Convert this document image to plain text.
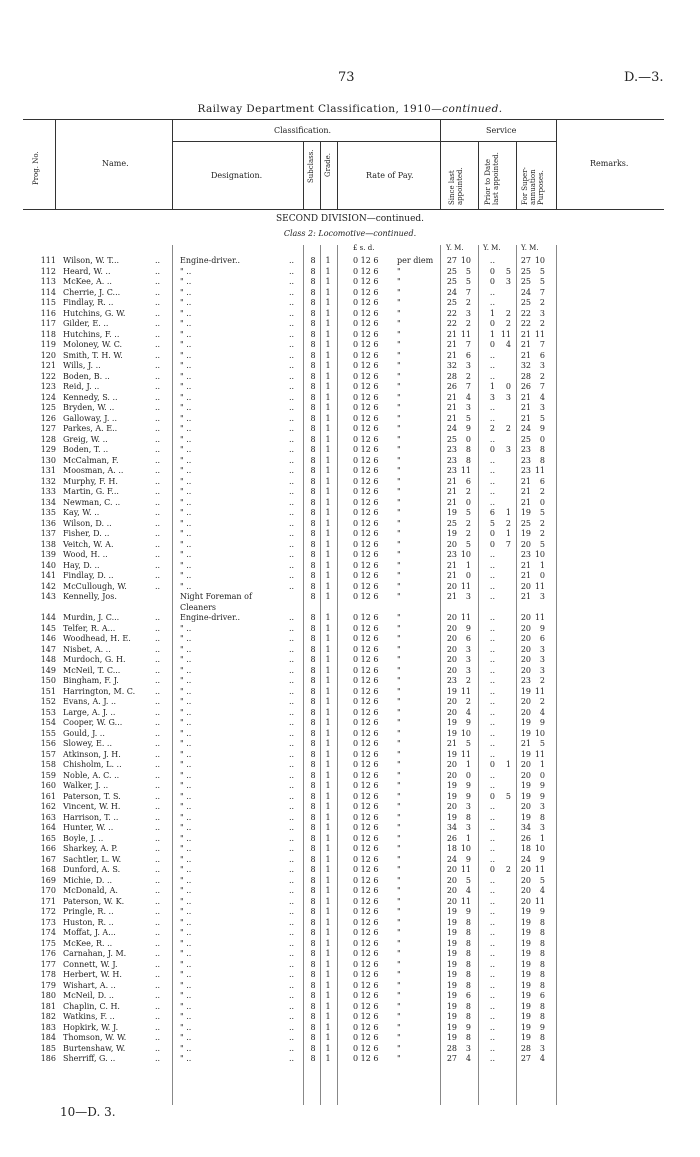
73	D.—3.
Railway Department Classification, 1910—continued.
Prog. No.	Name.
Classification.
Designation.	Subclass. Grade.	Rate of Pay.
Service
Since last appointed.	Prior to Date last appointed.	For Super-annuation Purposes.
Remarks.
SECOND DIVISION—continued.
Class 2: Locomotive—continued.
£ s. d.	Y. M.	Y. M.	Y. M.
111 Wilson, W. T...	.. Engine-driver..	..	8	1	0 12 6 per diem	27 10	..	27 10
112 Heard, W. ..	.. " ..	..	8	1	0 12 6 "	25	5	0	5	25	5
113 McKee, A. ..	.. " ..	..	8	1	0 12 6 "	25	5	0	3	25	5
114 Cherrie, J. C...	.. " ..	..	8	1	0 12 6 "	24	7	..	24	7
115 Findlay, R. ..	.. " ..	..	8	1	0 12 6 "	25	2	..	25	2
116 Hutchins, G. W.	.. " ..	..	8	1	0 12 6 "	22	3	1	2	22	3
117 Gilder, E. ..	.. " ..	..	8	1	0 12 6 "	22	2	0	2	22	2
118 Hutchins, F. ..	.. " ..	..	8	1	0 12 6 "	21 11	1 11	21 11
119 Moloney, W. C.	.. " ..	..	8	1	0 12 6 "	21	7	0	4	21	7
120 Smith, T. H. W.	.. " ..	..	8	1	0 12 6 "	21	6	..	21	6
121 Wills, J. ..	.. " ..	..	8	1	0 12 6 "	32	3	..	32	3
122 Boden, B. ..	.. " ..	..	8	1	0 12 6 "	28	2	..	28	2
123 Reid, J. ..	.. " ..	..	8	1	0 12 6 "	26	7	1	0	26	7
124 Kennedy, S. ..	.. " ..	..	8	1	0 12 6 "	21	4	3	3	21	4
125 Bryden, W. ..	.. " ..	..	8	1	0 12 6 "	21	3	..	21	3
126 Galloway, J. ..	.. " ..	..	8	1	0 12 6 "	21	5	..	21	5
127 Parkes, A. E..	.. " ..	..	8	1	0 12 6 "	24	9	2	2	24	9
128 Greig, W. ..	.. " ..	..	8	1	0 12 6 "	25	0	..	25	0
129 Boden, T. ..	.. " ..	..	8	1	0 12 6 "	23	8	0	3	23	8
130 McCalman, F.	.. " ..	..	8	1	0 12 6 "	23	8	..	23	8
131 Moosman, A. ..	.. " ..	..	8	1	0 12 6 "	23 11	..	23 11
132 Murphy, F. H.	.. " ..	..	8	1	0 12 6 "	21	6	..	21	6
133 Martin, G. F...	.. " ..	..	8	1	0 12 6 "	21	2	..	21	2
134 Newman, C. ..	.. " ..	..	8	1	0 12 6 "	21	0	..	21	0
135 Kay, W. ..	.. " ..	..	8	1	0 12 6 "	19	5	6	1	19	5
136 Wilson, D. ..	.. " ..	..	8	1	0 12 6 "	25	2	5	2	25	2
137 Fisher, D. ..	.. " ..	..	8	1	0 12 6 "	19	2	0	1	19	2
138 Veitch, W. A.	.. " ..	..	8	1	0 12 6 "	20	5	0	7	20	5
139 Wood, H. ..	.. " ..	..	8	1	0 12 6 "	23 10	..	23 10
140 Hay, D. ..	.. " ..	..	8	1	0 12 6 "	21	1	..	21	1
141 Findlay, D. ..	.. " ..	..	8	1	0 12 6 "	21	0	..	21	0
142 McCullough, W.	.. " ..	..	8	1	0 12 6 "	20 11	..	20 11
143 Kennelly, Jos.	Night Foreman of	8	1	0 12 6 "	21	3	..	21	3
Cleaners
144 Murdin, J. C...	.. Engine-driver..	..	8	1	0 12 6 "	20 11	..	20 11
145 Telfer, R. A...	.. " ..	..	8	1	0 12 6 "	20	9	..	20	9
146 Woodhead, H. E.	.. " ..	..	8	1	0 12 6 "	20	6	..	20	6
147 Nisbet, A. ..	.. " ..	..	8	1	0 12 6 "	20	3	..	20	3
148 Murdoch, G. H.	.. " ..	..	8	1	0 12 6 "	20	3	..	20	3
149 McNeil, T. C...	.. " ..	..	8	1	0 12 6 "	20	3	..	20	3
150 Bingham, F. J.	.. " ..	..	8	1	0 12 6 "	23	2	..	23	2
151 Harrington, M. C. .. " ..	..	8	1	0 12 6 "	19 11	..	19 11
152 Evans, A. J. ..	.. " ..	..	8	1	0 12 6 "	20	2	..	20	2
153 Large, A. J. ..	.. " ..	..	8	1	0 12 6 "	20	4	..	20	4
154 Cooper, W. G...	.. " ..	..	8	1	0 12 6 "	19	9	..	19	9
155 Gould, J. ..	.. " ..	..	8	1	0 12 6 "	19 10	..	19 10
156 Slowey, E. ..	.. " ..	..	8	1	0 12 6 "	21	5	..	21	5
157 Atkinson, J. H.	.. " ..	..	8	1	0 12 6 "	19 11	..	19 11
158 Chisholm, L. ..	.. " ..	..	8	1	0 12 6 "	20	1	0	1	20	1
159 Noble, A. C. ..	.. " ..	..	8	1	0 12 6 "	20	0	..	20	0
160 Walker, J. ..	.. " ..	..	8	1	0 12 6 "	19	9	..	19	9
161 Paterson, T. S.	.. " ..	..	8	1	0 12 6 "	19	9	0	5	19	9
162 Vincent, W. H.	.. " ..	..	8	1	0 12 6 "	20	3	..	20	3
163 Harrison, T. ..	.. " ..	..	8	1	0 12 6 "	19	8	..	19	8
164 Hunter, W. ..	.. " ..	..	8	1	0 12 6 "	34	3	..	34	3
165 Boyle, J. ..	.. " ..	..	8	1	0 12 6 "	26	1	..	26	1
166 Sharkey, A. P.	.. " ..	..	8	1	0 12 6 "	18 10	..	18 10
167 Sachtler, L. W.	.. " ..	..	8	1	0 12 6 "	24	9	..	24	9
168 Dunford, A. S.	.. " ..	..	8	1	0 12 6 "	20 11	0	2	20 11
169 Michie, D. ..	.. " ..	..	8	1	0 12 6 "	20	5	..	20	5
170 McDonald, A.	.. " ..	..	8	1	0 12 6 "	20	4	..	20	4
171 Paterson, W. K.	.. " ..	..	8	1	0 12 6 "	20 11	..	20 11
172 Pringle, R. ..	.. " ..	..	8	1	0 12 6 "	19	9	..	19	9
173 Huston, R. ..	.. " ..	..	8	1	0 12 6 "	19	8	..	19	8
174 Moffat, J. A...	.. " ..	..	8	1	0 12 6 "	19	8	..	19	8
175 McKee, R. ..	.. " ..	..	8	1	0 12 6 "	19	8	..	19	8
176 Carnahan, J. M.	.. " ..	..	8	1	0 12 6 "	19	8	..	19	8
177 Connett, W. J.	.. " ..	..	8	1	0 12 6 "	19	8	..	19	8
178 Herbert, W. H.	.. " ..	..	8	1	0 12 6 "	19	8	..	19	8
179 Wishart, A. ..	.. " ..	..	8	1	0 12 6 "	19	8	..	19	8
180 McNeil, D. ..	.. " ..	..	8	1	0 12 6 "	19	6	..	19	6
181 Chaplin, C. H.	.. " ..	..	8	1	0 12 6 "	19	8	..	19	8
182 Watkins, F. ..	.. " ..	..	8	1	0 12 6 "	19	8	..	19	8
183 Hopkirk, W. J.	.. " ..	..	8	1	0 12 6 "	19	9	..	19	9
184 Thomson, W. W.	.. " ..	..	8	1	0 12 6 "	19	8	..	19	8
185 Burtenshaw, W.	.. " ..	..	8	1	0 12 6 "	28	3	..	28	3
186 Sherriff, G. ..	.. " ..	..	8	1	0 12 6 "	27	4	..	27	4
10—D. 3.
